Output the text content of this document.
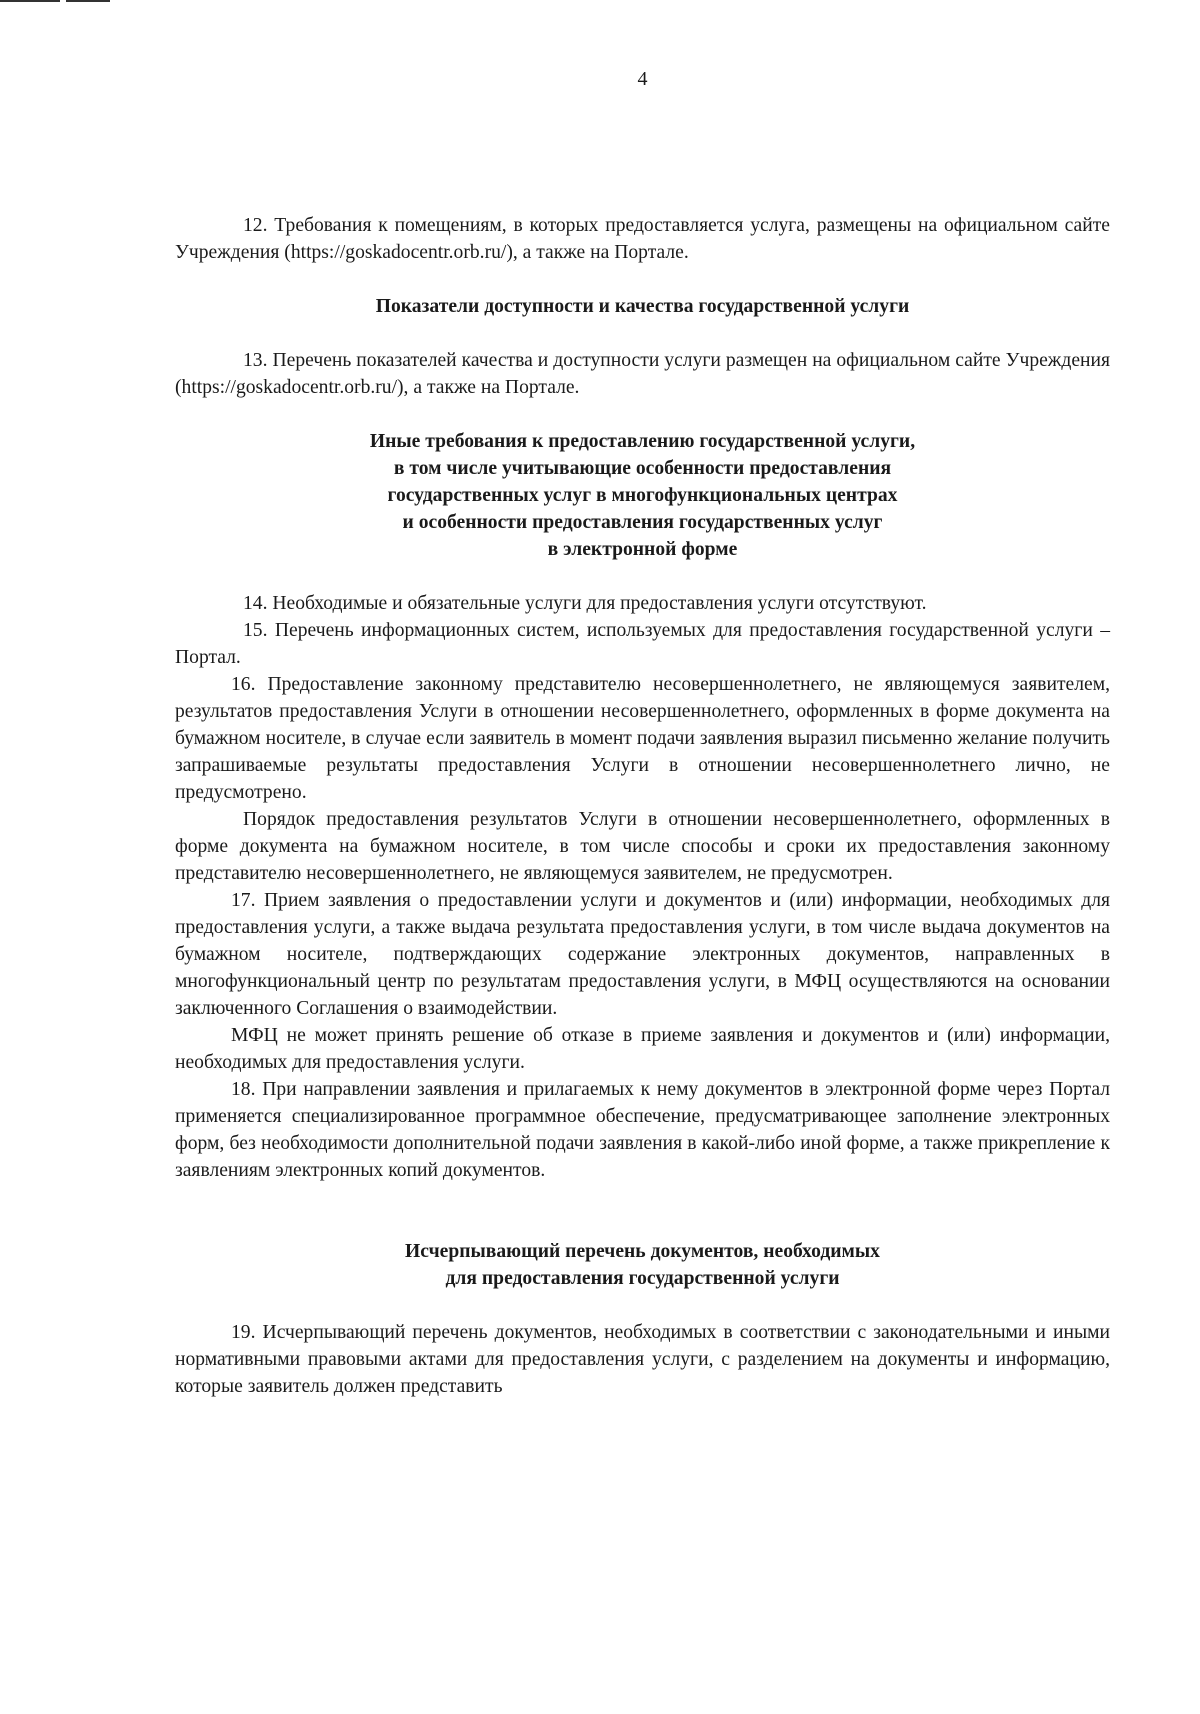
4

12. Требования к помещениям, в которых предоставляется услуга, размещены на официальном сайте Учреждения (https://goskadocentr.orb.ru/), а также на Портале.

Показатели доступности и качества государственной услуги

13. Перечень показателей качества и доступности услуги размещен на официальном сайте Учреждения (https://goskadocentr.orb.ru/), а также на Портале.

Иные требования к предоставлению государственной услуги,
в том числе учитывающие особенности предоставления
государственных услуг в многофункциональных центрах
и особенности предоставления государственных услуг
в электронной форме

14. Необходимые и обязательные услуги для предоставления услуги отсутствуют.

15. Перечень информационных систем, используемых для предоставления государственной услуги – Портал.

16. Предоставление законному представителю несовершеннолетнего, не являющемуся заявителем, результатов предоставления Услуги в отношении несовершеннолетнего, оформленных в форме документа на бумажном носителе, в случае если заявитель в момент подачи заявления выразил письменно желание получить запрашиваемые результаты предоставления Услуги в отношении несовершеннолетнего лично, не предусмотрено.

Порядок предоставления результатов Услуги в отношении несовершеннолетнего, оформленных в форме документа на бумажном носителе, в том числе способы и сроки их предоставления законному представителю несовершеннолетнего, не являющемуся заявителем, не предусмотрен.

17. Прием заявления о предоставлении услуги и документов и (или) информации, необходимых для предоставления услуги, а также выдача результата предоставления услуги, в том числе выдача документов на бумажном носителе, подтверждающих содержание электронных документов, направленных в многофункциональный центр по результатам предоставления услуги, в МФЦ осуществляются на основании заключенного Соглашения о взаимодействии.

МФЦ не может принять решение об отказе в приеме заявления и документов и (или) информации, необходимых для предоставления услуги.

18. При направлении заявления и прилагаемых к нему документов в электронной форме через Портал применяется специализированное программное обеспечение, предусматривающее заполнение электронных форм, без необходимости дополнительной подачи заявления в какой-либо иной форме, а также прикрепление к заявлениям электронных копий документов.

Исчерпывающий перечень документов, необходимых
для предоставления государственной услуги

19. Исчерпывающий перечень документов, необходимых в соответствии с законодательными и иными нормативными правовыми актами для предоставления услуги, с разделением на документы и информацию, которые заявитель должен представить
